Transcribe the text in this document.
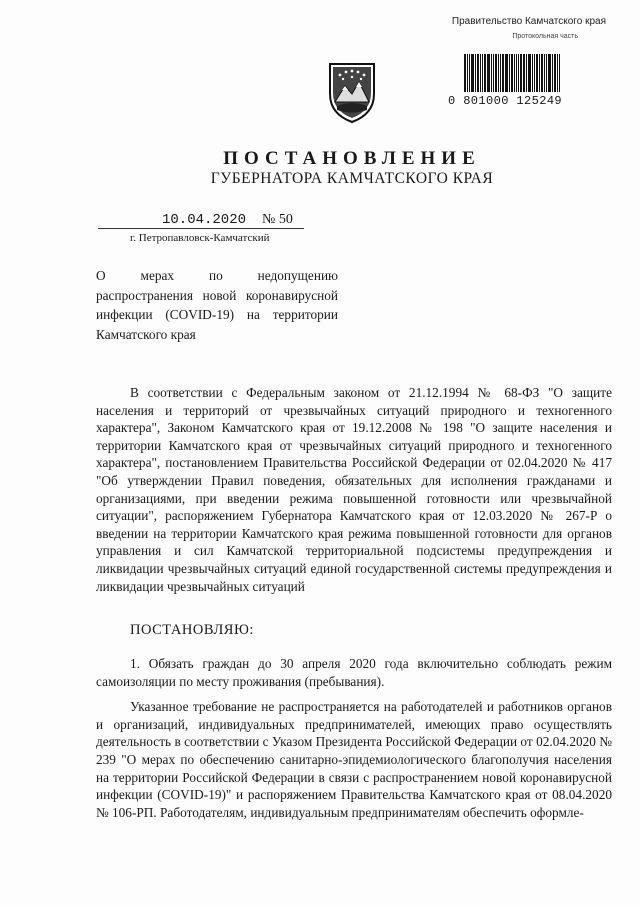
Правительство Камчатского края
Протокольная часть
0 801000 125249
ПОСТАНОВЛЕНИЕ
ГУБЕРНАТОРА КАМЧАТСКОГО КРАЯ
10.04.2020 № 50
г. Петропавловск-Камчатский
О мерах по недопущению распространения новой коронавирусной инфекции (COVID-19) на территории Камчатского края

В соответствии с Федеральным законом от 21.12.1994 № 68-ФЗ "О защите населения и территорий от чрезвычайных ситуаций природного и техногенного характера", Законом Камчатского края от 19.12.2008 № 198 "О защите населения и территории Камчатского края от чрезвычайных ситуаций природного и техногенного характера", постановлением Правительства Российской Федерации от 02.04.2020 № 417 "Об утверждении Правил поведения, обязательных для исполнения гражданами и организациями, при введении режима повышенной готовности или чрезвычайной ситуации", распоряжением Губернатора Камчатского края от 12.03.2020 № 267-Р о введении на территории Камчатского края режима повышенной готовности для органов управления и сил Камчатской территориальной подсистемы предупреждения и ликвидации чрезвычайных ситуаций единой государственной системы предупреждения и ликвидации чрезвычайных ситуаций

ПОСТАНОВЛЯЮ:

1. Обязать граждан до 30 апреля 2020 года включительно соблюдать режим самоизоляции по месту проживания (пребывания).

Указанное требование не распространяется на работодателей и работников органов и организаций, индивидуальных предпринимателей, имеющих право осуществлять деятельность в соответствии с Указом Президента Российской Федерации от 02.04.2020 № 239 "О мерах по обеспечению санитарно-эпидемиологического благополучия населения на территории Российской Федерации в связи с распространением новой коронавирусной инфекции (COVID-19)" и распоряжением Правительства Камчатского края от 08.04.2020 № 106-РП. Работодателям, индивидуальным предпринимателям обеспечить оформле-
